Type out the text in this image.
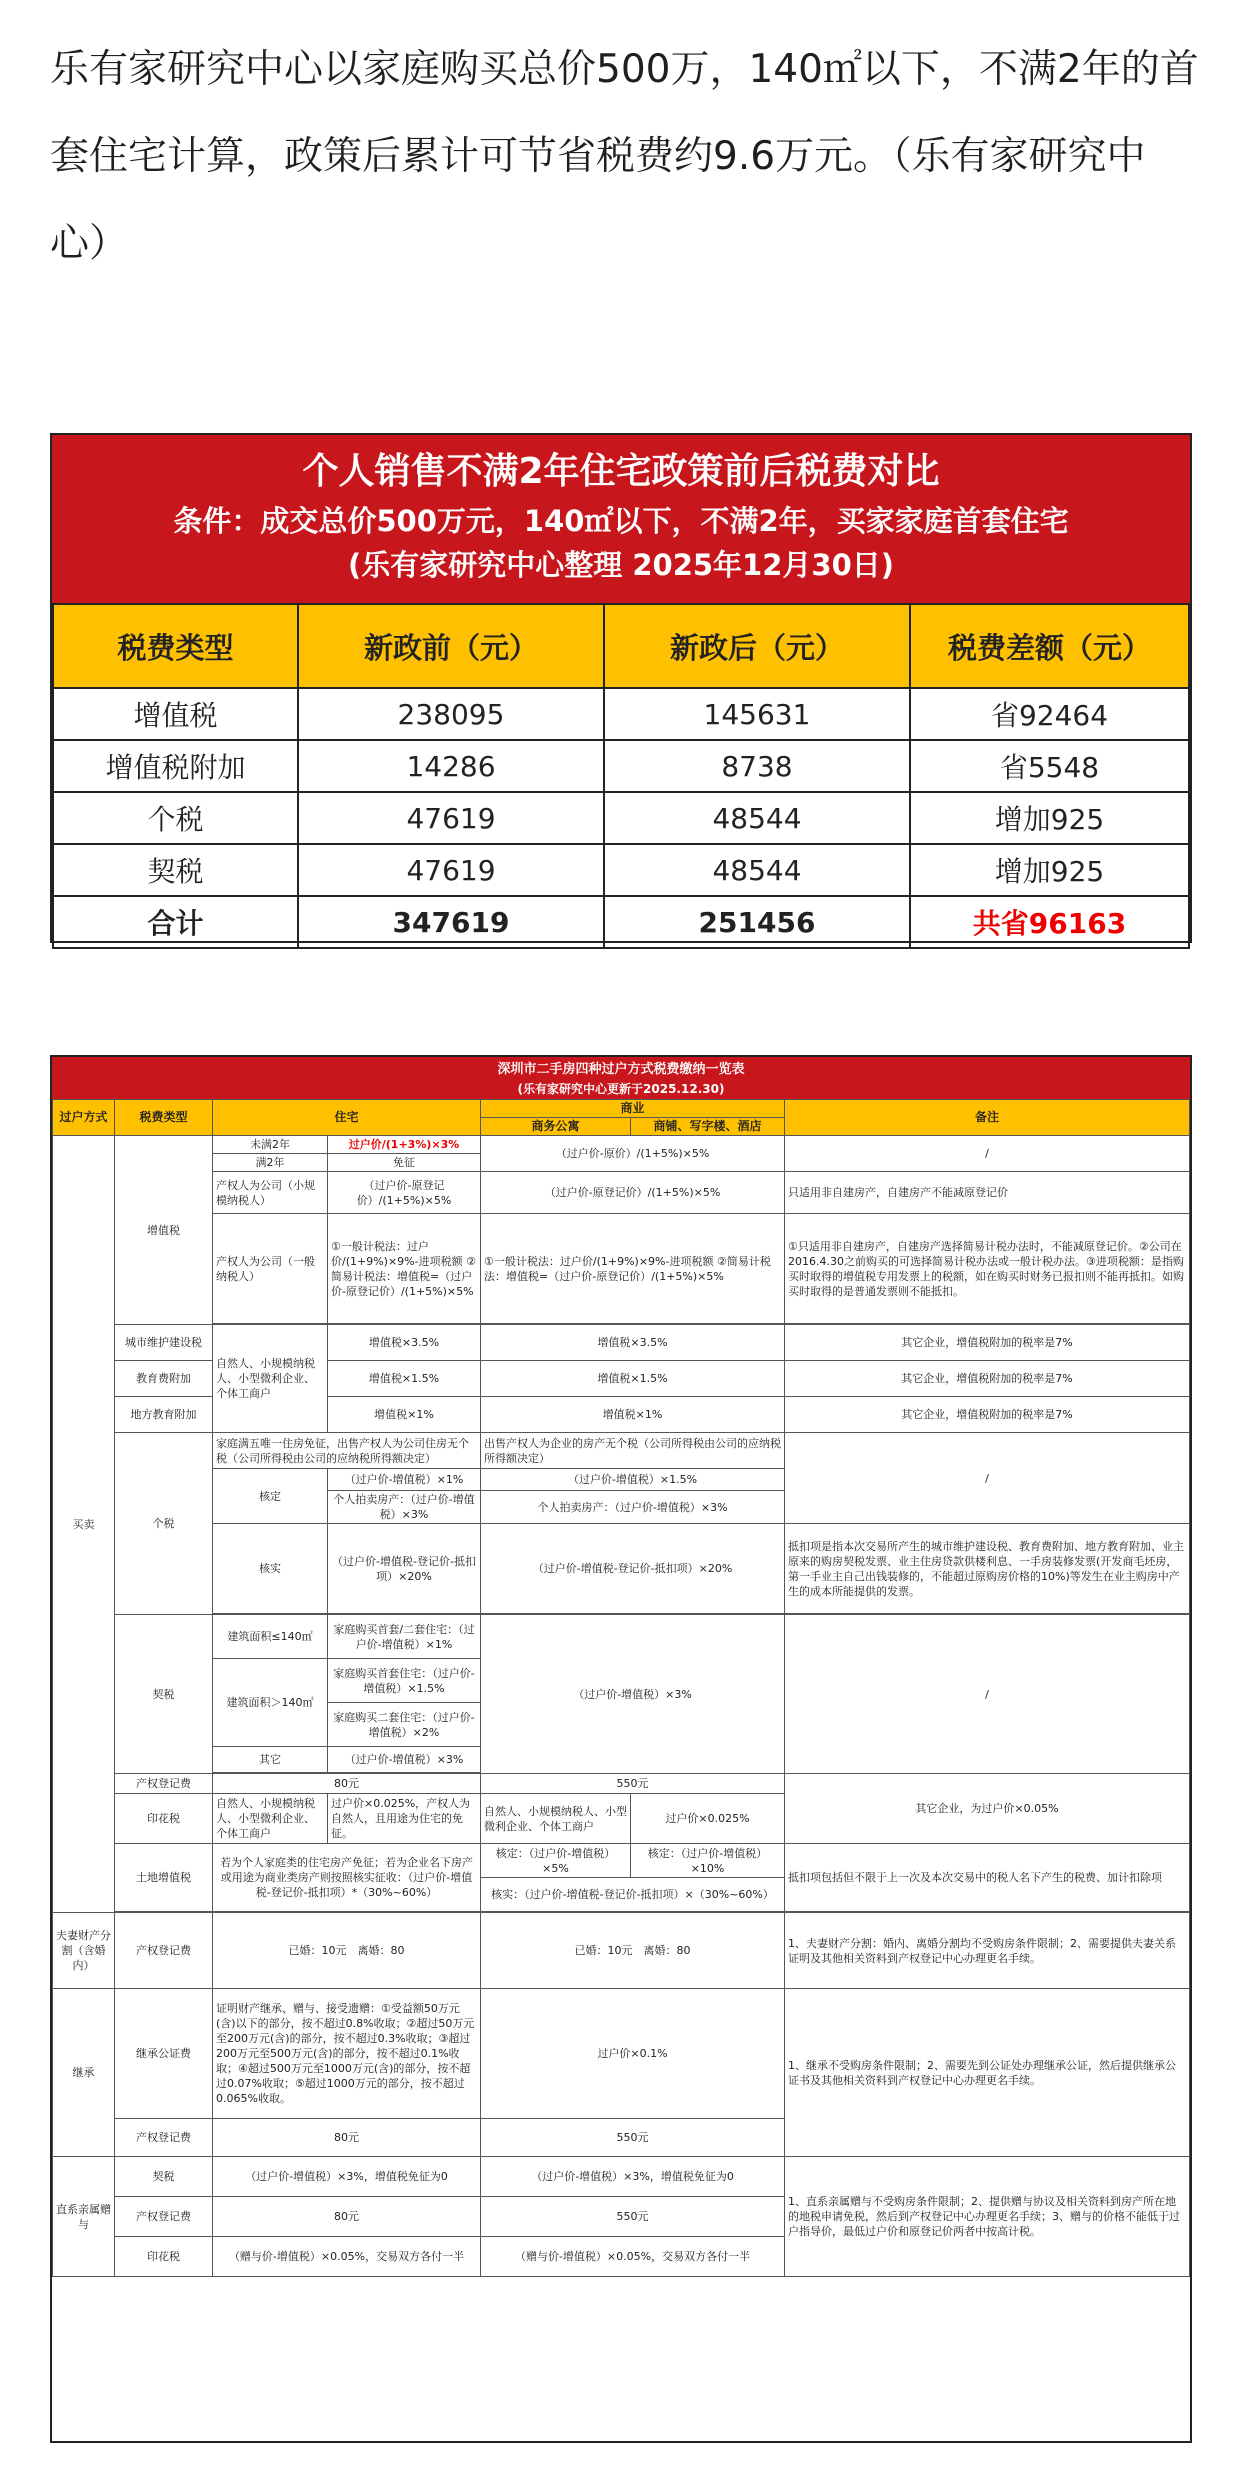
乐有家研究中心以家庭购买总价500万，140㎡以下，不满2年的首套住宅计算，政策后累计可节省税费约9.6万元。（乐有家研究中心）
个人销售不满2年住宅政策前后税费对比
条件：成交总价500万元，140㎡以下，不满2年，买家家庭首套住宅
(乐有家研究中心整理 2025年12月30日)
税费类型	新政前（元）	新政后（元）	税费差额（元）
增值税	238095	145631	省92464
增值税附加	14286	8738	省5548
个税	47619	48544	增加925
契税	47619	48544	增加925
合计	347619	251456	共省96163
深圳市二手房四种过户方式税费缴纳一览表
(乐有家研究中心更新于2025.12.30)
过户方式	税费类型	住宅		商业		备注
				商务公寓	商铺、写字楼、酒店	
买卖	增值税	未满2年	过户价/(1+3%)×3%	（过户价-原价）/(1+5%)×5%		/
		满2年	免征			
		产权人为公司（小规模纳税人）	（过户价-原登记价）/(1+5%)×5%	（过户价-原登记价）/(1+5%)×5%		只适用非自建房产，自建房产不能减原登记价
		产权人为公司（一般纳税人）	①一般计税法：过户价/(1+9%)×9%-进项税额 ②简易计税法：增值税=（过户价-原登记价）/(1+5%)×5%	①一般计税法：过户价/(1+9%)×9%-进项税额 ②简易计税法：增值税=（过户价-原登记价）/(1+5%)×5%		①只适用非自建房产，自建房产选择简易计税办法时，不能减原登记价。②公司在2016.4.30之前购买的可选择简易计税办法或一般计税办法。③进项税额：是指购买时取得的增值税专用发票上的税额，如在购买时财务已报扣则不能再抵扣。如购买时取得的是普通发票则不能抵扣。

	城市维护建设税	自然人、小规模纳税人、小型微利企业、个体工商户	增值税×3.5%	增值税×3.5%		其它企业，增值税附加的税率是7%
	教育费附加		增值税×1.5%	增值税×1.5%		其它企业，增值税附加的税率是7%
	地方教育附加		增值税×1%	增值税×1%		其它企业，增值税附加的税率是7%
	个税	家庭满五唯一住房免征，出售产权人为公司住房无个税（公司所得税由公司的应纳税所得额决定）		出售产权人为企业的房产无个税（公司所得税由公司的应纳税所得额决定）		/
		核定	（过户价-增值税）×1%	（过户价-增值税）×1.5%		
			个人拍卖房产：（过户价-增值税）×3%	个人拍卖房产：（过户价-增值税）×3%		
		核实	（过户价-增值税-登记价-抵扣项）×20%	（过户价-增值税-登记价-抵扣项）×20%		抵扣项是指本次交易所产生的城市维护建设税、教育费附加、地方教育附加、业主原来的购房契税发票、业主住房贷款供楼利息、一手房装修发票(开发商毛坯房，第一手业主自己出钱装修的，不能超过原购房价格的10%)等发生在业主购房中产生的成本所能提供的发票。

	契税	建筑面积≤140㎡	家庭购买首套/二套住宅：（过户价-增值税）×1%	（过户价-增值税）×3%		/
		建筑面积＞140㎡	家庭购买首套住宅：（过户价-增值税）×1.5%			
			家庭购买二套住宅：（过户价-增值税）×2%			
		其它	（过户价-增值税）×3%			

	产权登记费	80元		550元		其它企业，为过户价×0.05%
	印花税	自然人、小规模纳税人、小型微利企业、个体工商户	过户价×0.025%，产权人为自然人，且用途为住宅的免征。	自然人、小规模纳税人、小型微利企业、个体工商户	过户价×0.025%	
	土地增值税	若为个人家庭类的住宅房产免征；若为企业名下房产或用途为商业类房产则按照核实征收：（过户价-增值税-登记价-抵扣项）*（30%~60%）		核定：（过户价-增值税）×5%	核定：（过户价-增值税）×10%	抵扣项包括但不限于上一次及本次交易中的税人名下产生的税费、加计扣除项
				核实：（过户价-增值税-登记价-抵扣项）×（30%~60%）		

夫妻财产分割（含婚内）	产权登记费	已婚：10元　离婚：80		已婚：10元　离婚：80		1、夫妻财产分割：婚内、离婚分割均不受购房条件限制；2、需要提供夫妻关系证明及其他相关资料到产权登记中心办理更名手续。
继承	继承公证费	证明财产继承、赠与、接受遗赠：①受益额50万元(含)以下的部分，按不超过0.8%收取；②超过50万元至200万元(含)的部分，按不超过0.3%收取；③超过200万元至500万元(含)的部分，按不超过0.1%收取；④超过500万元至1000万元(含)的部分，按不超过0.07%收取；⑤超过1000万元的部分，按不超过0.065%收取。		过户价×0.1%		1、继承不受购房条件限制；2、需要先到公证处办理继承公证，然后提供继承公证书及其他相关资料到产权登记中心办理更名手续。
	产权登记费	80元		550元		
直系亲属赠与	契税	（过户价-增值税）×3%，增值税免征为0		（过户价-增值税）×3%，增值税免征为0		1、直系亲属赠与不受购房条件限制；2、提供赠与协议及相关资料到房产所在地的地税申请免税，然后到产权登记中心办理更名手续；3、赠与的价格不能低于过户指导价，最低过户价和原登记价两者中按高计税。
	产权登记费	80元		550元		
	印花税	（赠与价-增值税）×0.05%，交易双方各付一半		（赠与价-增值税）×0.05%，交易双方各付一半		
